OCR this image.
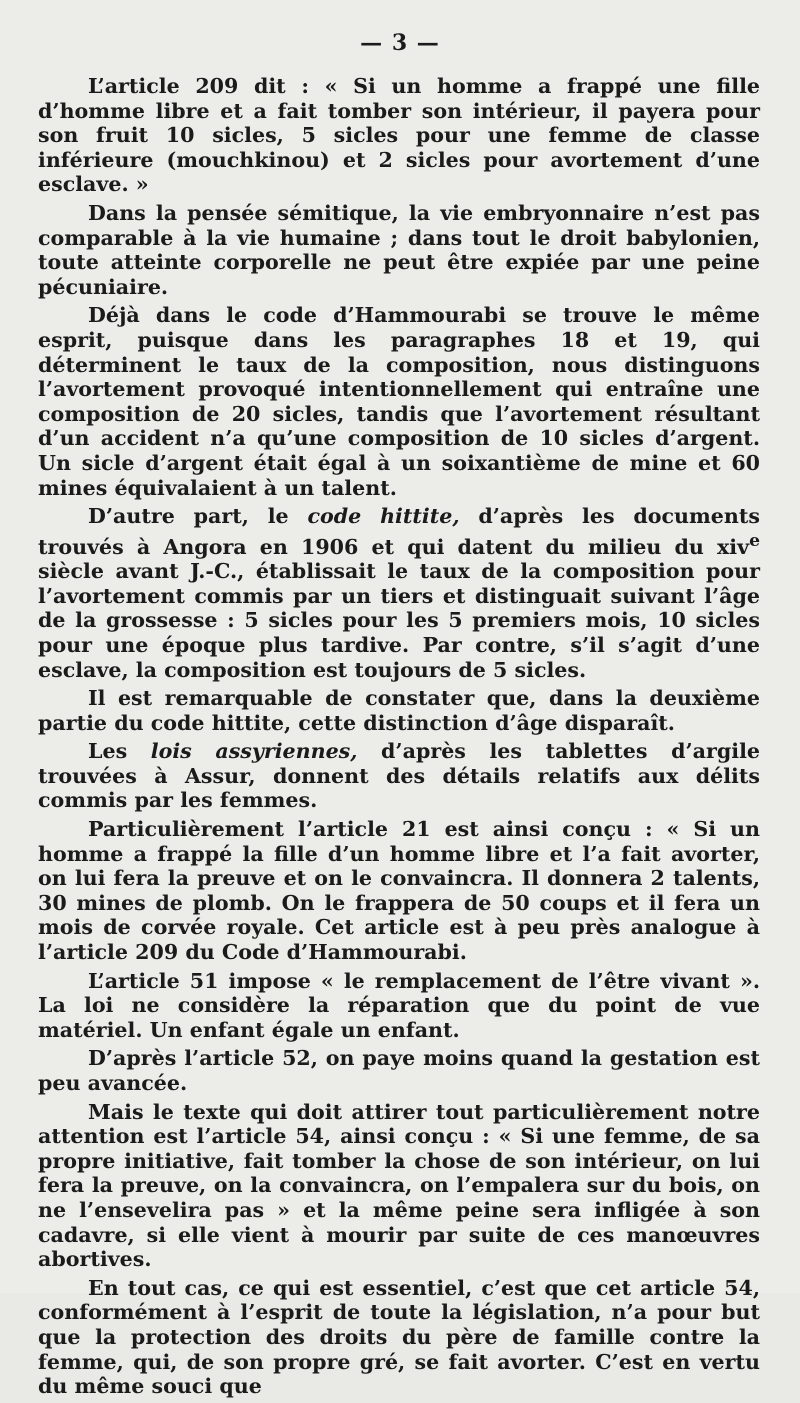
— 3 —

L’article 209 dit : « Si un homme a frappé une fille d’homme libre et a fait tomber son intérieur, il payera pour son fruit 10 sicles, 5 sicles pour une femme de classe inférieure (mouchkinou) et 2 sicles pour avortement d’une esclave. »

Dans la pensée sémitique, la vie embryonnaire n’est pas comparable à la vie humaine ; dans tout le droit babylonien, toute atteinte corporelle ne peut être expiée par une peine pécuniaire.

Déjà dans le code d’Hammourabi se trouve le même esprit, puisque dans les paragraphes 18 et 19, qui déterminent le taux de la composition, nous distinguons l’avortement provoqué intentionnellement qui entraîne une composition de 20 sicles, tandis que l’avortement résultant d’un accident n’a qu’une composition de 10 sicles d’argent. Un sicle d’argent était égal à un soixantième de mine et 60 mines équivalaient à un talent.

D’autre part, le code hittite, d’après les documents trouvés à Angora en 1906 et qui datent du milieu du xiv$^e$ siècle avant J.-C., établissait le taux de la composition pour l’avortement commis par un tiers et distinguait suivant l’âge de la grossesse : 5 sicles pour les 5 premiers mois, 10 sicles pour une époque plus tardive. Par contre, s’il s’agit d’une esclave, la composition est toujours de 5 sicles.

Il est remarquable de constater que, dans la deuxième partie du code hittite, cette distinction d’âge disparaît.

Les lois assyriennes, d’après les tablettes d’argile trouvées à Assur, donnent des détails relatifs aux délits commis par les femmes.

Particulièrement l’article 21 est ainsi conçu : « Si un homme a frappé la fille d’un homme libre et l’a fait avorter, on lui fera la preuve et on le convaincra. Il donnera 2 talents, 30 mines de plomb. On le frappera de 50 coups et il fera un mois de corvée royale. Cet article est à peu près analogue à l’article 209 du Code d’Hammourabi.

L’article 51 impose « le remplacement de l’être vivant ». La loi ne considère la réparation que du point de vue matériel. Un enfant égale un enfant.

D’après l’article 52, on paye moins quand la gestation est peu avancée.

Mais le texte qui doit attirer tout particulièrement notre attention est l’article 54, ainsi conçu : « Si une femme, de sa propre initiative, fait tomber la chose de son intérieur, on lui fera la preuve, on la convaincra, on l’empalera sur du bois, on ne l’ensevelira pas » et la même peine sera infligée à son cadavre, si elle vient à mourir par suite de ces manœuvres abortives.

En tout cas, ce qui est essentiel, c’est que cet article 54, conformément à l’esprit de toute la législation, n’a pour but que la protection des droits du père de famille contre la femme, qui, de son propre gré, se fait avorter. C’est en vertu du même souci que
